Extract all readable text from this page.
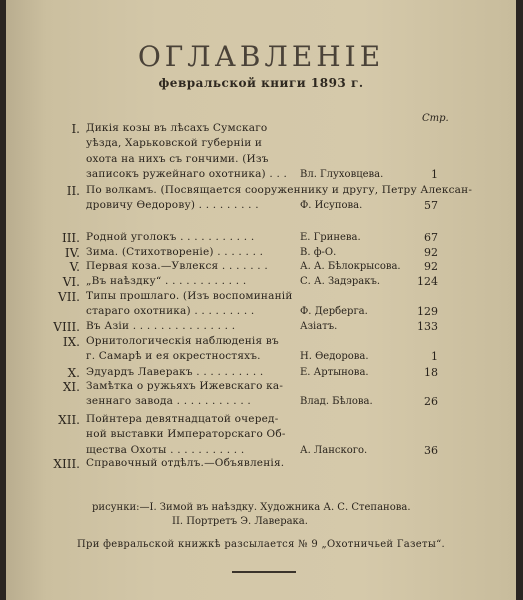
ОГЛАВЛЕНIЕ
февральской книги 1893 г.
Стр.
I. Дикiя козы въ лѣсахъ Сумскаго
уѣзда, Харьковской губернiи и
охота на нихъ съ гончими. (Изъ
записокъ ружейнаго охотника) . . . Вл. Глуховцева.	1
II. По волкамъ. (Посвящается сооруженнику и другу, Петру Алексан-
дровичу Өедорову) . . . . . . . . .	Ф. Исупова.	57
III. Родной уголокъ . . . . . . . . . . .	Е. Гринева.	67
IV. Зима. (Стихотворенiе) . . . . . . .	В. ф-О.	92
V. Первая коза.—Увлекся . . . . . . .	А. А. Бѣлокрысова.	92
VI. „Въ наѣздку“ . . . . . . . . . . . .	С. А. Задэракъ.	124
VII. Типы прошлаго. (Изъ воспоминанiй
стараго охотника) . . . . . . . . .	Ф. Дерберга.	129
VIII. Въ Азiи . . . . . . . . . . . . . . .	Азiатъ.	133
IX. Орнитологическiя наблюденiя въ
г. Самарѣ и ея окрестностяхъ.	Н. Өедорова.	1
X. Эдуардъ Лаверакъ . . . . . . . . . .	Е. Артынова.	18
XI. Замѣтка о ружьяхъ Ижевскаго ка-
зеннаго завода . . . . . . . . . . .	Влад. Бѣлова.	26
XII. Пойнтера девятнадцатой очеред-
ной выставки Императорскаго Об-
щества Охоты . . . . . . . . . . .	А. Ланского.	36
XIII. Справочный отдѣлъ.—Объявленiя.
рисунки:—I. Зимой въ наѣздку. Художника А. С. Степанова.
II. Портретъ Э. Лаверака.
При февральской книжкѣ разсылается № 9 „Охотничьей Газеты“.
